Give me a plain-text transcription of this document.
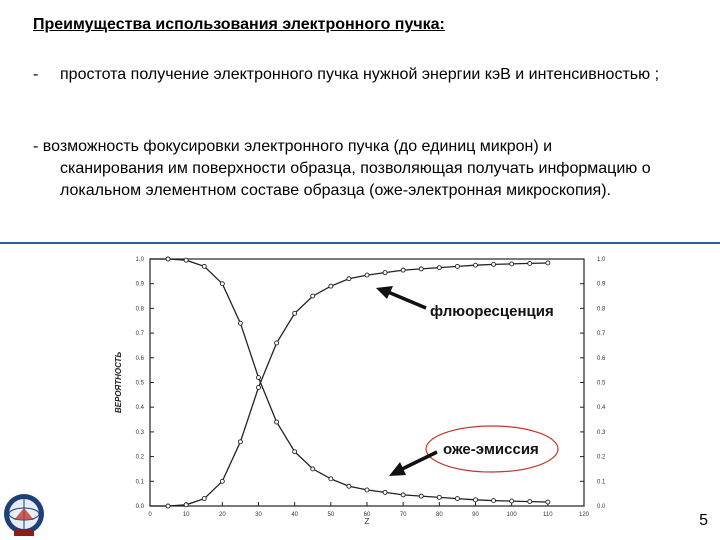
Преимущества использования электронного пучка:
-	простота получение электронного пучка нужной энергии кэВ и интенсивностью ;
- возможность фокусировки электронного пучка (до единиц микрон) и
сканирования им поверхности образца, позволяющая получать информацию о локальном элементном составе образца (оже-электронная микроскопия).
Z
ВЕРОЯТНОСТЬ
0	10	20	30	40	50	60	70	80	90	100	110	120
0.0	0.0
0.1	0.1
0.2	0.2
0.3	0.3
0.4	0.4
0.5	0.5
0.6	0.6
0.7	0.7
0.8	0.8
0.9	0.9
1.0	1.0
флюоресценция
оже-эмиссия
5
